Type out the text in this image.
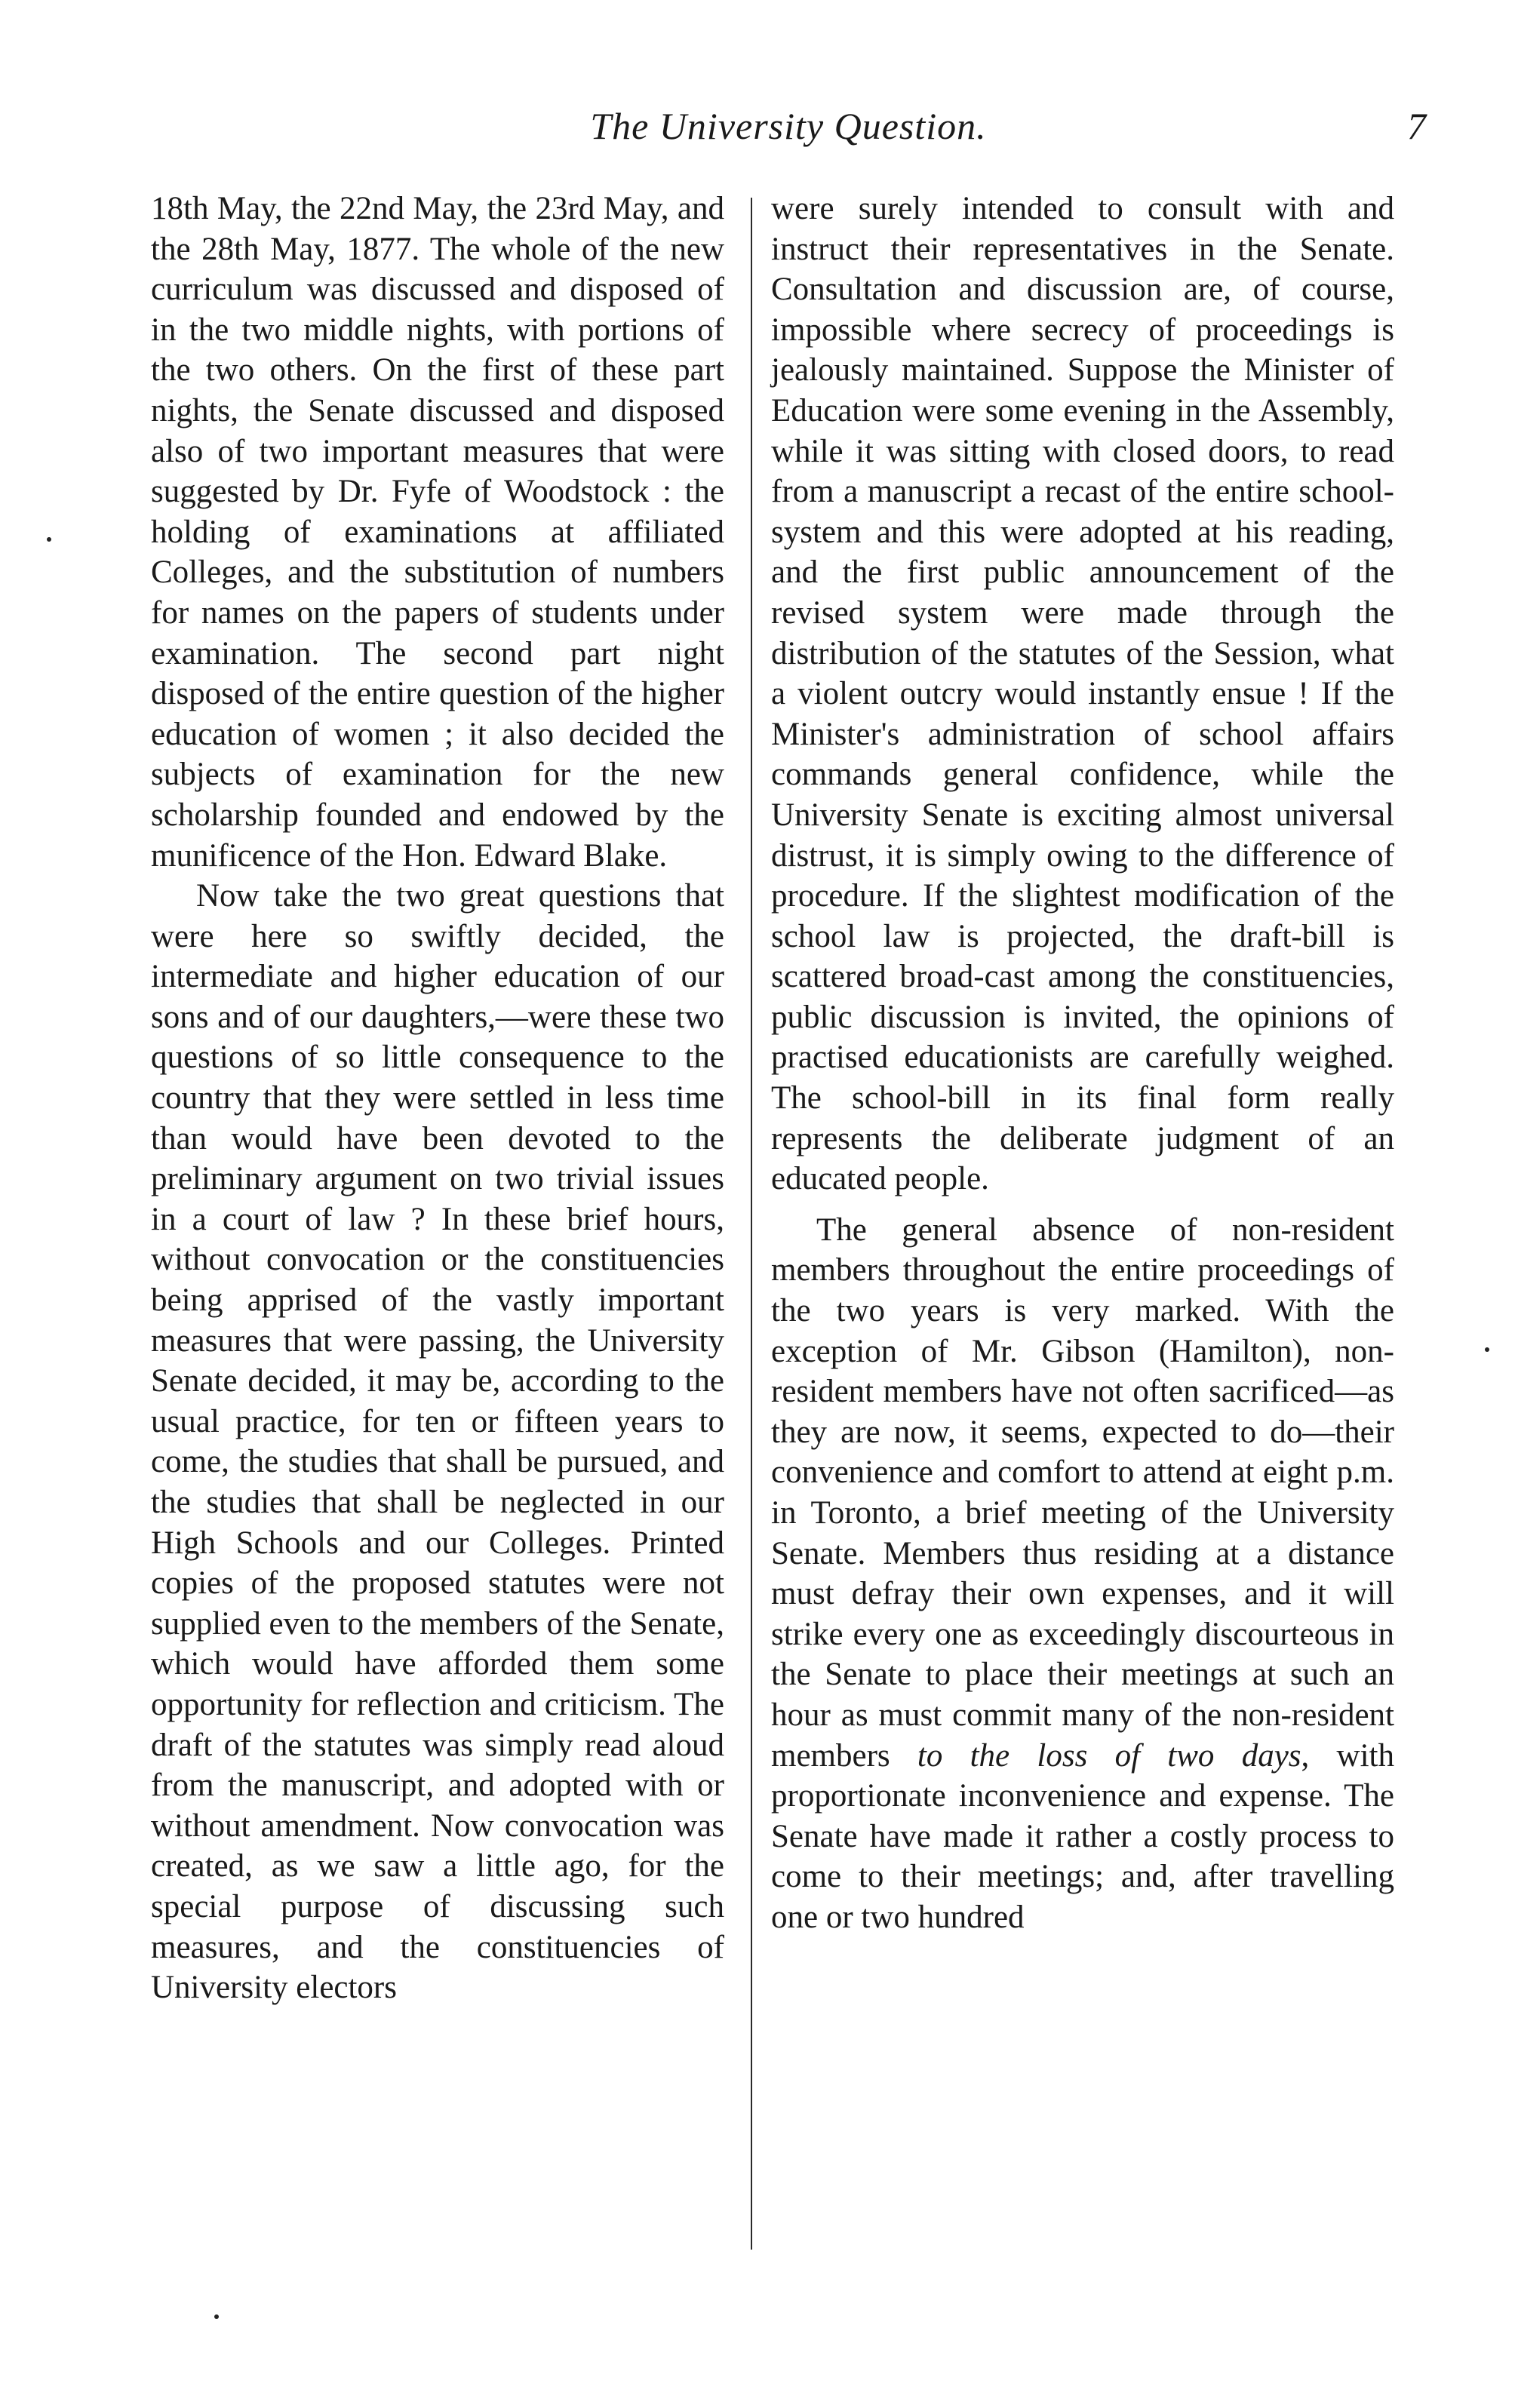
The University Question.	7

18th May, the 22nd May, the 23rd May, and the 28th May, 1877. The whole of the new curriculum was discussed and disposed of in the two middle nights, with portions of the two others. On the first of these part nights, the Senate discussed and disposed also of two important measures that were suggested by Dr. Fyfe of Woodstock : the holding of examinations at affiliated Colleges, and the substitution of numbers for names on the papers of students under examination. The second part night disposed of the entire question of the higher education of women ; it also decided the subjects of examination for the new scholarship founded and endowed by the munificence of the Hon. Edward Blake.

Now take the two great questions that were here so swiftly decided, the intermediate and higher education of our sons and of our daughters,—were these two questions of so little consequence to the country that they were settled in less time than would have been devoted to the preliminary argument on two trivial issues in a court of law ? In these brief hours, without convocation or the constituencies being apprised of the vastly important measures that were passing, the University Senate decided, it may be, according to the usual practice, for ten or fifteen years to come, the studies that shall be pursued, and the studies that shall be neglected in our High Schools and our Colleges. Printed copies of the proposed statutes were not supplied even to the members of the Senate, which would have afforded them some opportunity for reflection and criticism. The draft of the statutes was simply read aloud from the manuscript, and adopted with or without amendment. Now convocation was created, as we saw a little ago, for the special purpose of discussing such measures, and the constituencies of University electors

were surely intended to consult with and instruct their representatives in the Senate. Consultation and discussion are, of course, impossible where secrecy of proceedings is jealously maintained. Suppose the Minister of Education were some evening in the Assembly, while it was sitting with closed doors, to read from a manuscript a recast of the entire school-system and this were adopted at his reading, and the first public announcement of the revised system were made through the distribution of the statutes of the Session, what a violent outcry would instantly ensue ! If the Minister's administration of school affairs commands general confidence, while the University Senate is exciting almost universal distrust, it is simply owing to the difference of procedure. If the slightest modification of the school law is projected, the draft-bill is scattered broad-cast among the constituencies, public discussion is invited, the opinions of practised educationists are carefully weighed. The school-bill in its final form really represents the deliberate judgment of an educated people.

The general absence of non-resident members throughout the entire proceedings of the two years is very marked. With the exception of Mr. Gibson (Hamilton), non-resident members have not often sacrificed—as they are now, it seems, expected to do—their convenience and comfort to attend at eight p.m. in Toronto, a brief meeting of the University Senate. Members thus residing at a distance must defray their own expenses, and it will strike every one as exceedingly discourteous in the Senate to place their meetings at such an hour as must commit many of the non-resident members to the loss of two days, with proportionate inconvenience and expense. The Senate have made it rather a costly process to come to their meetings; and, after travelling one or two hundred
